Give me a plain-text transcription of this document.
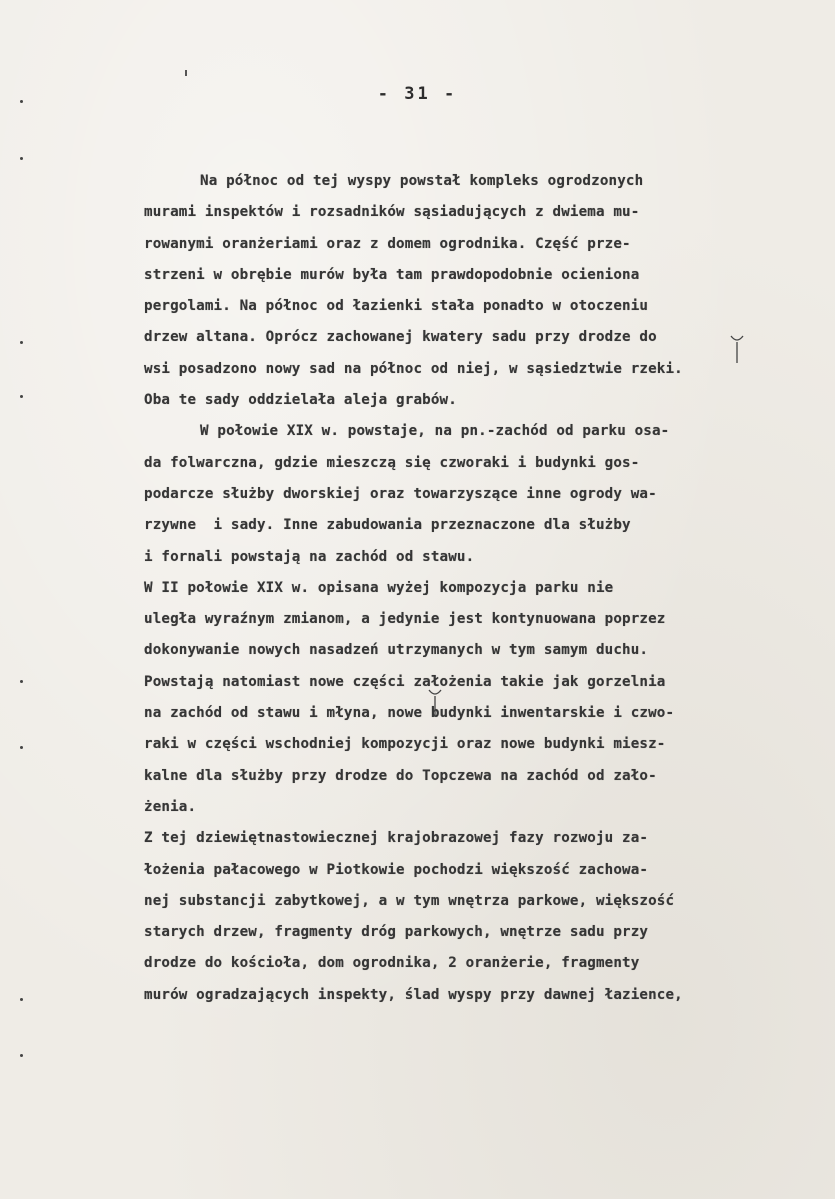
- 31 -
Na północ od tej wyspy powstał kompleks ogrodzonych
murami inspektów i rozsadników sąsiadujących z dwiema mu-
rowanymi oranżeriami oraz z domem ogrodnika. Część prze-
strzeni w obrębie murów była tam prawdopodobnie ocieniona
pergolami. Na północ od łazienki stała ponadto w otoczeniu
drzew altana. Oprócz zachowanej kwatery sadu przy drodze do
wsi posadzono nowy sad na północ od niej, w sąsiedztwie rzeki.
Oba te sady oddzielała aleja grabów.
W połowie XIX w. powstaje, na pn.-zachód od parku osa-
da folwarczna, gdzie mieszczą się czworaki i budynki gos-
podarcze służby dworskiej oraz towarzyszące inne ogrody wa-
rzywne  i sady. Inne zabudowania przeznaczone dla służby
i fornali powstają na zachód od stawu.
W II połowie XIX w. opisana wyżej kompozycja parku nie
uległa wyraźnym zmianom, a jedynie jest kontynuowana poprzez
dokonywanie nowych nasadzeń utrzymanych w tym samym duchu.
Powstają natomiast nowe części założenia takie jak gorzelnia
na zachód od stawu i młyna, nowe budynki inwentarskie i czwo-
raki w części wschodniej kompozycji oraz nowe budynki miesz-
kalne dla służby przy drodze do Topczewa na zachód od zało-
żenia.
Z tej dziewiętnastowiecznej krajobrazowej fazy rozwoju za-
łożenia pałacowego w Piotkowie pochodzi większość zachowa-
nej substancji zabytkowej, a w tym wnętrza parkowe, większość
starych drzew, fragmenty dróg parkowych, wnętrze sadu przy
drodze do kościoła, dom ogrodnika, 2 oranżerie, fragmenty
murów ogradzających inspekty, ślad wyspy przy dawnej łazience,
